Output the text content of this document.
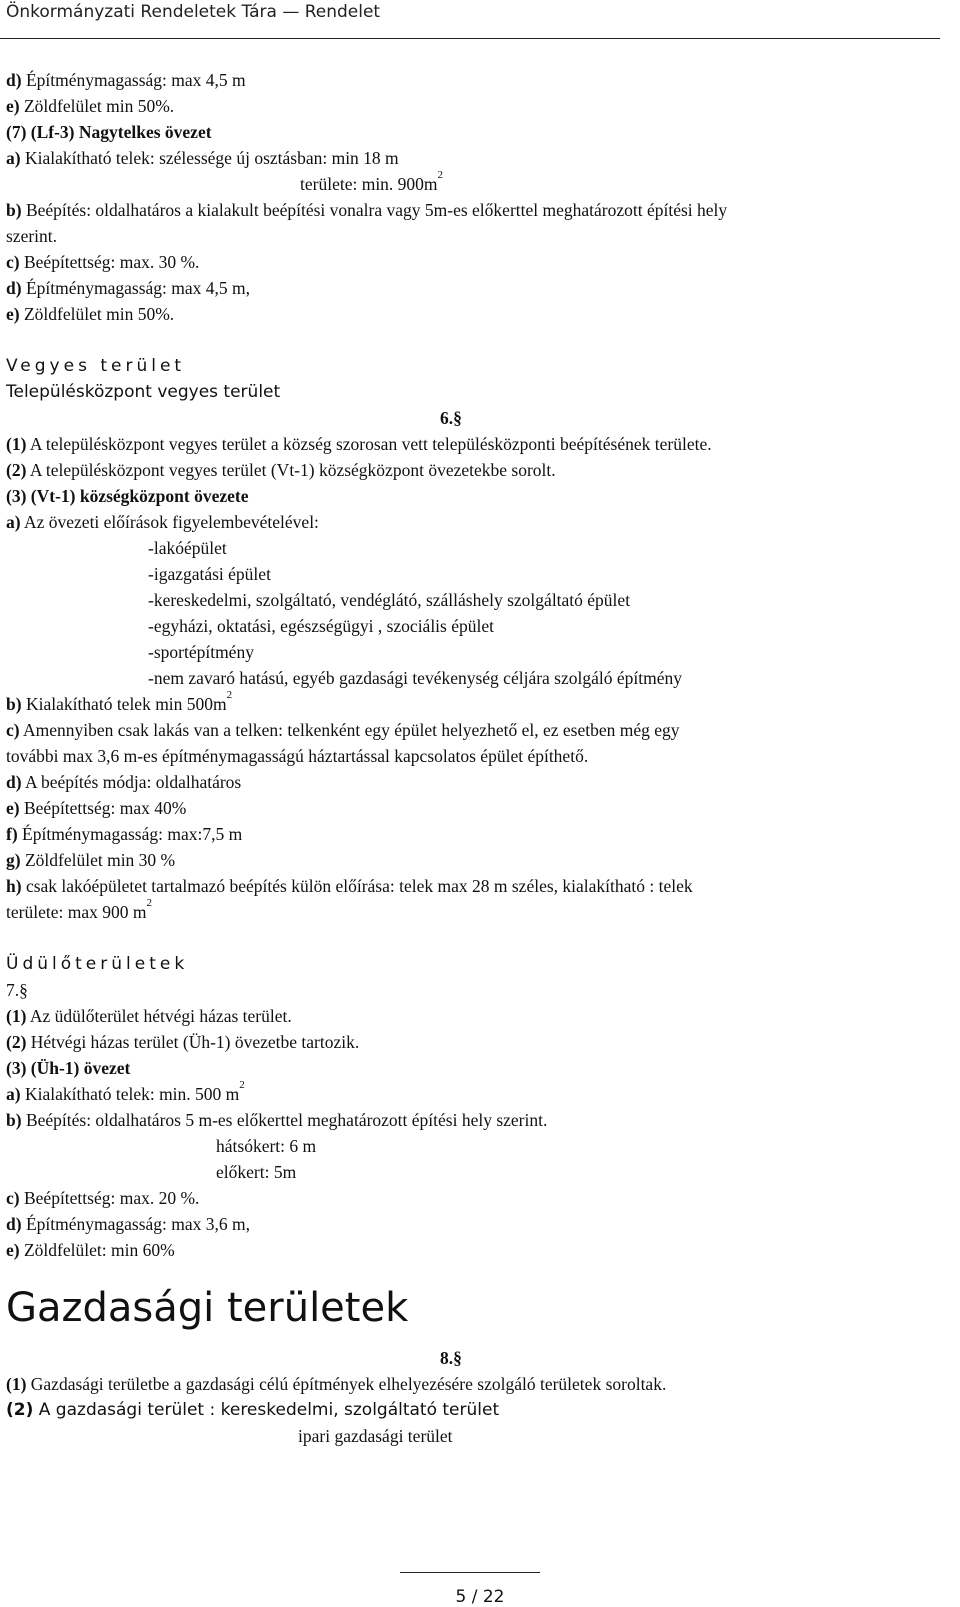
Önkormányzati Rendeletek Tára — Rendelet
d) Építménymagasság: max 4,5 m
e) Zöldfelület min 50%.
(7) (Lf-3) Nagytelkes övezet
a) Kialakítható telek: szélessége új osztásban: min 18 m
területe: min. $900m^2$
b) Beépítés: oldalhatáros a kialakult beépítési vonalra vagy 5m-es előkerttel meghatározott építési hely
szerint.
c) Beépítettség: max. 30 %.
d) Építménymagasság: max 4,5 m,
e) Zöldfelület min 50%.
Vegyes terület
Településközpont vegyes terület
6.§
(1) A településközpont vegyes terület a község szorosan vett településközponti beépítésének területe.
(2) A településközpont vegyes terület (Vt-1) községközpont övezetekbe sorolt.
(3) (Vt-1) községközpont övezete
a) Az övezeti előírások figyelembevételével:
-lakóépület
-igazgatási épület
-kereskedelmi, szolgáltató, vendéglátó, szálláshely szolgáltató épület
-egyházi, oktatási, egészségügyi , szociális épület
-sportépítmény
-nem zavaró hatású, egyéb gazdasági tevékenység céljára szolgáló építmény
b) Kialakítható telek $\min 500m^2$
c) Amennyiben csak lakás van a telken: telkenként egy épület helyezhető el, ez esetben még egy
további max 3,6 m-es építménymagasságú háztartással kapcsolatos épület építhető.
d) A beépítés módja: oldalhatáros
e) Beépítettség: max 40%
f) Építménymagasság: max:7,5 m
g) Zöldfelület min 30 %
h) csak lakóépületet tartalmazó beépítés külön előírása: telek max 28 m széles, kialakítható : telek
területe: max 900 $m^2$
Üdülőterületek
7.§
(1) Az üdülőterület hétvégi házas terület.
(2) Hétvégi házas terület (Üh-1) övezetbe tartozik.
(3) (Üh-1) övezet
a) Kialakítható telek: min. 500 $m^2$
b) Beépítés: oldalhatáros 5 m-es előkerttel meghatározott építési hely szerint.
hátsókert: 6 m
előkert: 5m
c) Beépítettség: max. 20 %.
d) Építménymagasság: max 3,6 m,
e) Zöldfelület: min 60%
Gazdasági területek
8.§
(1) Gazdasági területbe a gazdasági célú építmények elhelyezésére szolgáló területek soroltak.
(2) A gazdasági terület : kereskedelmi, szolgáltató terület
ipari gazdasági terület
5 / 22
